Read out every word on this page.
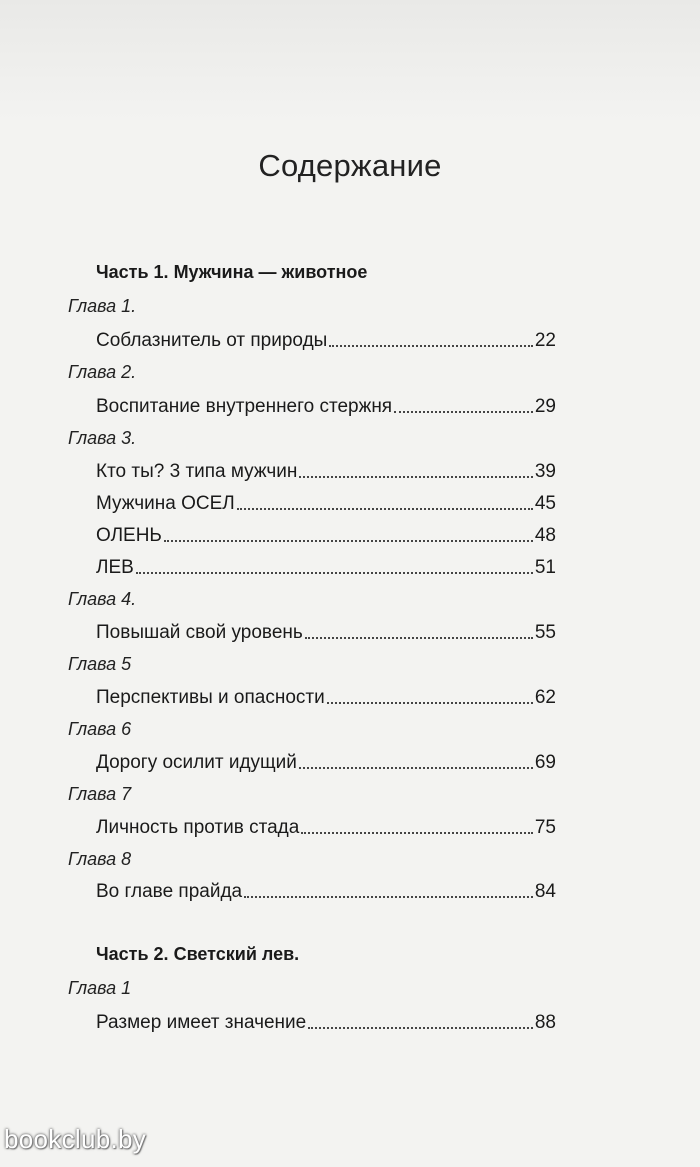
Содержание
Часть 1. Мужчина — животное
Глава 1.
Соблазнитель от природы	22
Глава 2.
Воспитание внутреннего стержня	29
Глава 3.
Кто ты? 3 типа мужчин	39
Мужчина ОСЕЛ	45
ОЛЕНЬ	48
ЛЕВ	51
Глава 4.
Повышай свой уровень	55
Глава 5
Перспективы и опасности	62
Глава 6
Дорогу осилит идущий	69
Глава 7
Личность против стада	75
Глава 8
Во главе прайда	84
Часть 2. Светский лев.
Глава 1
Размер имеет значение	88
bookclub.by
